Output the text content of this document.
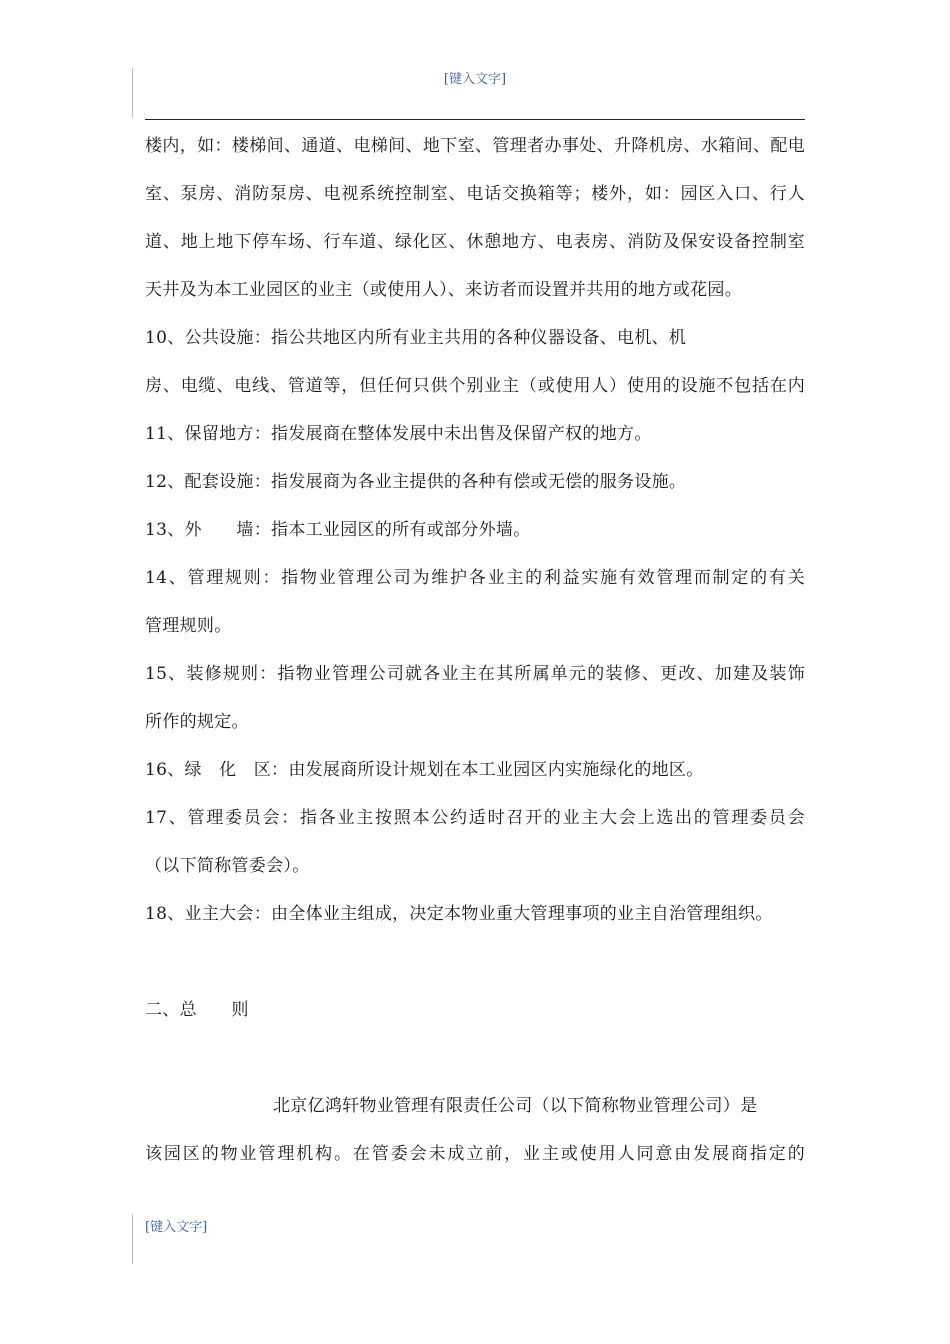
[键入文字]
楼内，如：楼梯间、通道、电梯间、地下室、管理者办事处、升降机房、水箱间、配电
室、泵房、消防泵房、电视系统控制室、电话交换箱等；楼外，如：园区入口、行人
道、地上地下停车场、行车道、绿化区、休憩地方、电表房、消防及保安设备控制室
天井及为本工业园区的业主（或使用人）、来访者而设置并共用的地方或花园。
10、公共设施：指公共地区内所有业主共用的各种仪器设备、电机、机
房、电缆、电线、管道等，但任何只供个别业主（或使用人）使用的设施不包括在内
11、保留地方：指发展商在整体发展中未出售及保留产权的地方。
12、配套设施：指发展商为各业主提供的各种有偿或无偿的服务设施。
13、外　　墙：指本工业园区的所有或部分外墙。
14、管理规则：指物业管理公司为维护各业主的利益实施有效管理而制定的有关
管理规则。
15、装修规则：指物业管理公司就各业主在其所属单元的装修、更改、加建及装饰
所作的规定。
16、绿　化　区：由发展商所设计规划在本工业园区内实施绿化的地区。
17、管理委员会：指各业主按照本公约适时召开的业主大会上选出的管理委员会
（以下简称管委会）。
18、业主大会：由全体业主组成，决定本物业重大管理事项的业主自治管理组织。
二、总　　则
北京亿鸿轩物业管理有限责任公司（以下简称物业管理公司）是
该园区的物业管理机构。在管委会未成立前，业主或使用人同意由发展商指定的
[键入文字]
